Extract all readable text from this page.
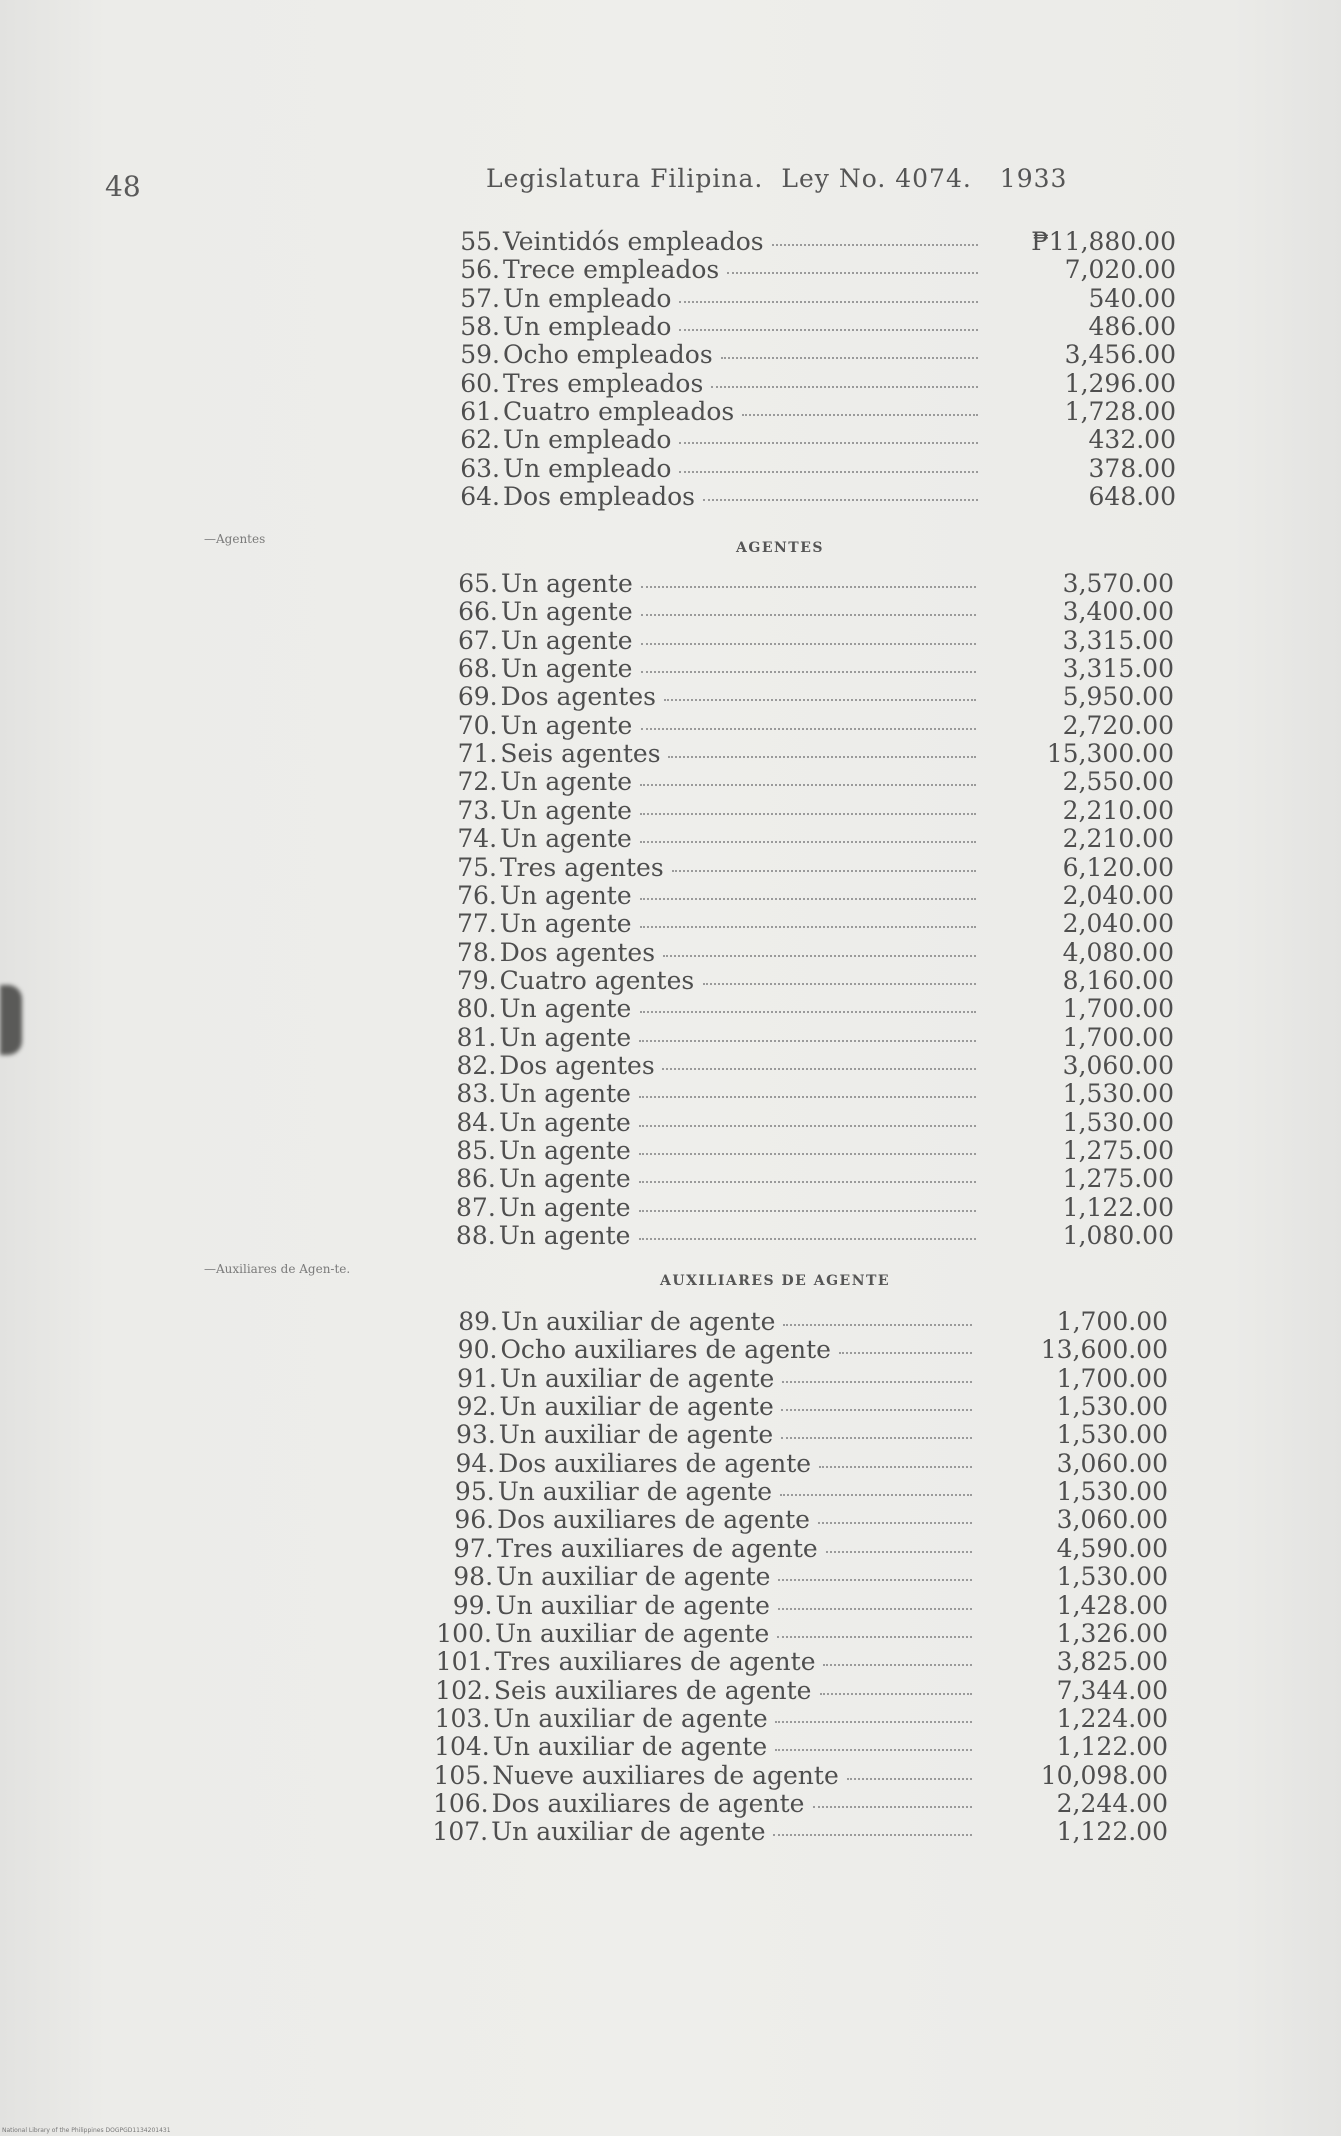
48	Legislatura Filipina. Ley No. 4074. 1933
—Agentes
—Auxiliares de Agen-te.
AGENTES
AUXILIARES DE AGENTE
55. Veintidós empleados	₱11,880.00
56. Trece empleados	7,020.00
57. Un empleado	540.00
58. Un empleado	486.00
59. Ocho empleados	3,456.00
60. Tres empleados	1,296.00
61. Cuatro empleados	1,728.00
62. Un empleado	432.00
63. Un empleado	378.00
64. Dos empleados	648.00
65. Un agente	3,570.00
66. Un agente	3,400.00
67. Un agente	3,315.00
68. Un agente	3,315.00
69. Dos agentes	5,950.00
70. Un agente	2,720.00
71. Seis agentes	15,300.00
72. Un agente	2,550.00
73. Un agente	2,210.00
74. Un agente	2,210.00
75. Tres agentes	6,120.00
76. Un agente	2,040.00
77. Un agente	2,040.00
78. Dos agentes	4,080.00
79. Cuatro agentes	8,160.00
80. Un agente	1,700.00
81. Un agente	1,700.00
82. Dos agentes	3,060.00
83. Un agente	1,530.00
84. Un agente	1,530.00
85. Un agente	1,275.00
86. Un agente	1,275.00
87. Un agente	1,122.00
88. Un agente	1,080.00
89. Un auxiliar de agente	1,700.00
90. Ocho auxiliares de agente	13,600.00
91. Un auxiliar de agente	1,700.00
92. Un auxiliar de agente	1,530.00
93. Un auxiliar de agente	1,530.00
94. Dos auxiliares de agente	3,060.00
95. Un auxiliar de agente	1,530.00
96. Dos auxiliares de agente	3,060.00
97. Tres auxiliares de agente	4,590.00
98. Un auxiliar de agente	1,530.00
99. Un auxiliar de agente	1,428.00
100. Un auxiliar de agente	1,326.00
101. Tres auxiliares de agente	3,825.00
102. Seis auxiliares de agente	7,344.00
103. Un auxiliar de agente	1,224.00
104. Un auxiliar de agente	1,122.00
105. Nueve auxiliares de agente	10,098.00
106. Dos auxiliares de agente	2,244.00
107. Un auxiliar de agente	1,122.00
National Library of the Philippines DOGPGD1134201431
